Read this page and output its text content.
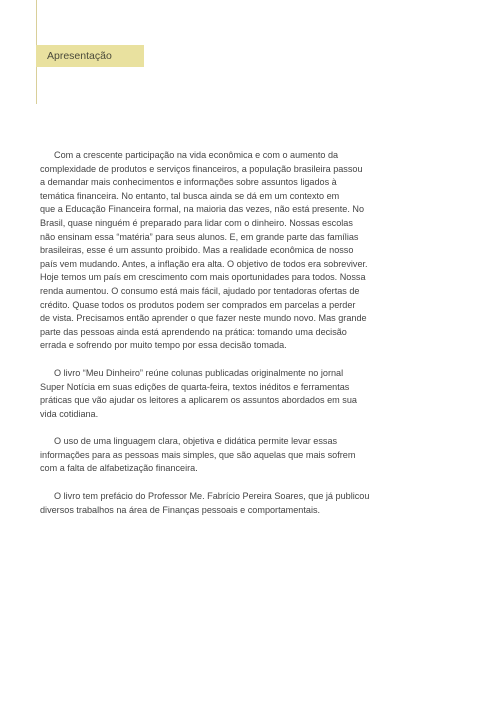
Apresentação
Com a crescente participação na vida econômica e com o aumento da
complexidade de produtos e serviços financeiros, a população brasileira passou
a demandar mais conhecimentos e informações sobre assuntos ligados à
temática financeira. No entanto, tal busca ainda se dá em um contexto em
que a Educação Financeira formal, na maioria das vezes, não está presente. No
Brasil, quase ninguém é preparado para lidar com o dinheiro. Nossas escolas
não ensinam essa “matéria” para seus alunos. E, em grande parte das famílias
brasileiras, esse é um assunto proibido. Mas a realidade econômica de nosso
país vem mudando. Antes, a inflação era alta. O objetivo de todos era sobreviver.
Hoje temos um país em crescimento com mais oportunidades para todos. Nossa
renda aumentou. O consumo está mais fácil, ajudado por tentadoras ofertas de
crédito. Quase todos os produtos podem ser comprados em parcelas a perder
de vista. Precisamos então aprender o que fazer neste mundo novo. Mas grande
parte das pessoas ainda está aprendendo na prática: tomando uma decisão
errada e sofrendo por muito tempo por essa decisão tomada.
O livro “Meu Dinheiro” reúne colunas publicadas originalmente no jornal
Super Notícia em suas edições de quarta-feira, textos inéditos e ferramentas
práticas que vão ajudar os leitores a aplicarem os assuntos abordados em sua
vida cotidiana.
O uso de uma linguagem clara, objetiva e didática permite levar essas
informações para as pessoas mais simples, que são aquelas que mais sofrem
com a falta de alfabetização financeira.
O livro tem prefácio do Professor Me. Fabrício Pereira Soares, que já publicou
diversos trabalhos na área de Finanças pessoais e comportamentais.
